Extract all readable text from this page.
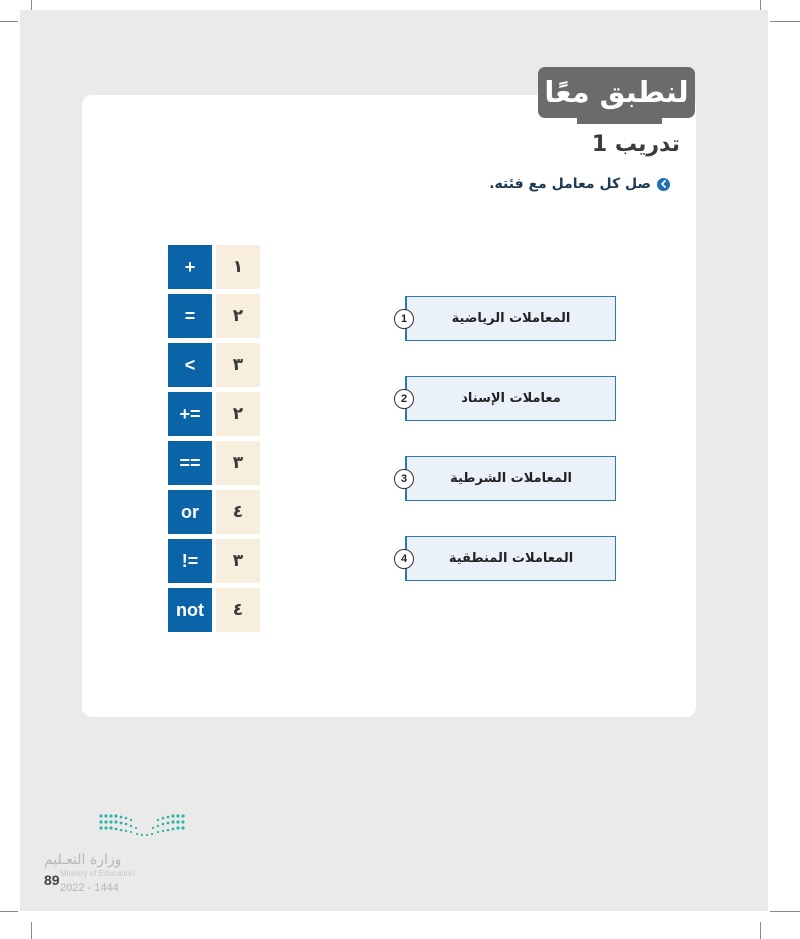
لنطبق معًا
تدريب 1
صل كل معامل مع فئته.
+
=
<
+=
==
or
!=
not
١
٢
٣
٢
٣
٤
٣
٤
المعاملات الرياضية
1
معاملات الإسناد
2
المعاملات الشرطية
3
المعاملات المنطقية
4
وزارة التعـليم
89 Ministry of Education
2022 - 1444
